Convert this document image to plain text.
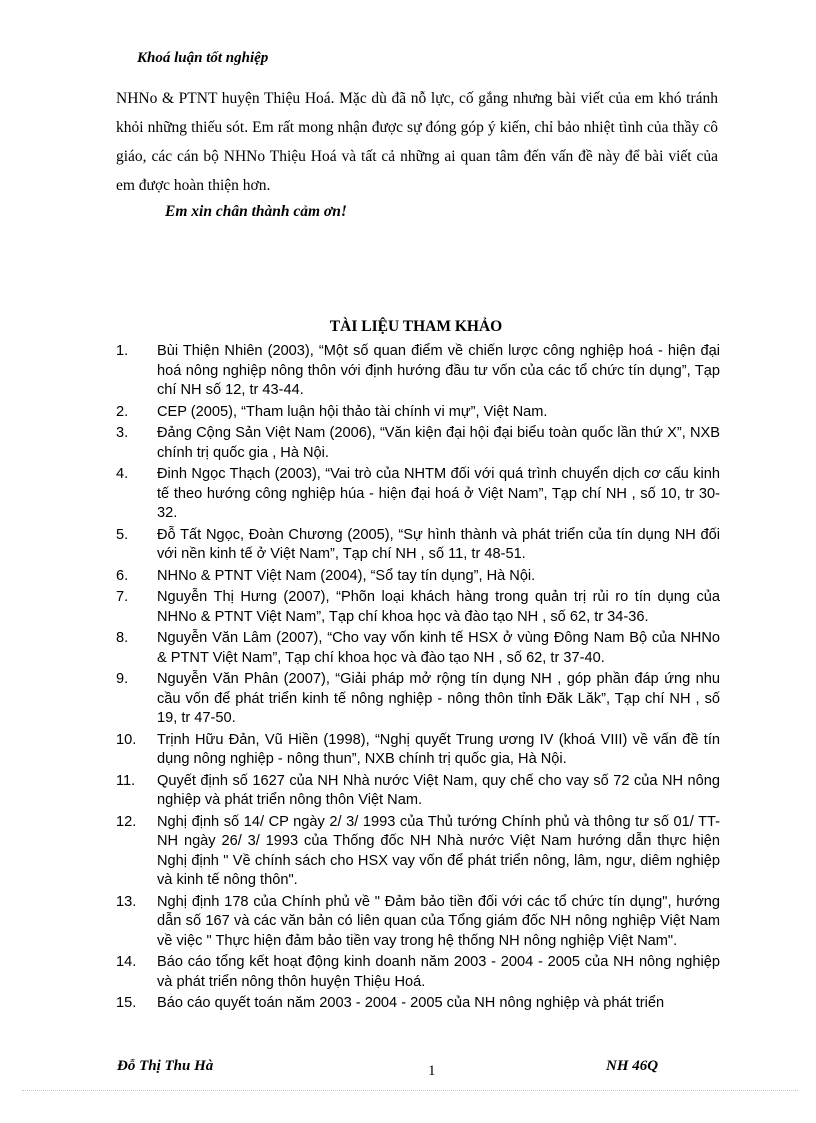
Khoá luận tốt nghiệp
NHNo & PTNT huyện Thiệu Hoá. Mặc dù đã nỗ lực, cố gắng nhưng bài viết của em khó tránh khỏi những thiếu sót. Em rất mong nhận được sự đóng góp ý kiến, chỉ bảo nhiệt tình của thầy cô giáo, các cán bộ NHNo Thiệu Hoá và tất cả những ai quan tâm đến vấn đề này để bài viết của em được hoàn thiện hơn.
Em xin chân thành cảm ơn!
TÀI LIỆU THAM KHẢO
1. Bùi Thiện Nhiên (2003), “Một số quan điểm về chiến lược công nghiệp hoá - hiện đại hoá nông nghiệp nông thôn với định hướng đầu tư vốn của các tổ chức tín dụng”, Tạp chí NH số 12, tr 43-44.
2. CEP (2005), “Tham luận hội thảo tài chính vi mự”, Việt Nam.
3. Đảng Cộng Sản Việt Nam (2006), “Văn kiện đại hội đại biểu toàn quốc lần thứ X”, NXB chính trị quốc gia , Hà Nội.
4. Đinh Ngọc Thạch (2003), “Vai trò của NHTM đối với quá trình chuyển dịch cơ cấu kinh tế theo hướng công nghiệp húa - hiện đại hoá ở Việt Nam”, Tạp chí NH , số 10, tr 30-32.
5. Đỗ Tất Ngọc, Đoàn Chương (2005), “Sự hình thành và phát triển của tín dụng NH đối với nền kinh tế ở Việt Nam”, Tạp chí NH , số 11, tr 48-51.
6. NHNo & PTNT Việt Nam (2004), “Sổ tay tín dụng”, Hà Nội.
7. Nguyễn Thị Hưng (2007), “Phõn loại khách hàng trong quản trị rủi ro tín dụng của NHNo & PTNT Việt Nam”, Tạp chí khoa học và đào tạo NH , số 62, tr 34-36.
8. Nguyễn Văn Lâm (2007), “Cho vay vốn kinh tế HSX ở vùng Đông Nam Bộ của NHNo & PTNT Việt Nam”, Tạp chí khoa học và đào tạo NH , số 62, tr 37-40.
9. Nguyễn Văn Phân (2007), “Giải pháp mở rộng tín dụng NH , góp phần đáp ứng nhu cầu vốn để phát triển kinh tế nông nghiệp - nông thôn tỉnh Đăk Lăk”, Tạp chí NH , số 19, tr 47-50.
10. Trịnh Hữu Đản, Vũ Hiền (1998), “Nghị quyết Trung ương IV (khoá VIII) về vấn đề tín dụng nông nghiệp - nông thun”, NXB chính trị quốc gia, Hà Nội.
11. Quyết định số 1627 của NH Nhà nước Việt Nam, quy chế cho vay số 72 của NH nông nghiệp và phát triển nông thôn Việt Nam.
12. Nghị định số 14/ CP ngày 2/ 3/ 1993 của Thủ tướng Chính phủ và thông tư số 01/ TT-NH ngày 26/ 3/ 1993 của Thống đốc NH Nhà nước Việt Nam hướng dẫn thực hiện Nghị định " Về chính sách cho HSX vay vốn để phát triển nông, lâm, ngư, diêm nghiệp và kinh tế nông thôn".
13. Nghị định 178 của Chính phủ về " Đảm bảo tiền đối với các tổ chức tín dụng", hướng dẫn số 167 và các văn bản có liên quan của Tổng giám đốc NH nông nghiệp Việt Nam về việc " Thực hiện đảm bảo tiền vay trong hệ thống NH nông nghiệp Việt Nam".
14. Báo cáo tổng kết hoạt động kinh doanh năm 2003 - 2004 - 2005 của NH nông nghiệp và phát triển nông thôn huyện Thiệu Hoá.
15. Báo cáo quyết toán năm 2003 - 2004 - 2005 của NH nông nghiệp và phát triển
Đỗ Thị Thu Hà	1	NH 46Q
